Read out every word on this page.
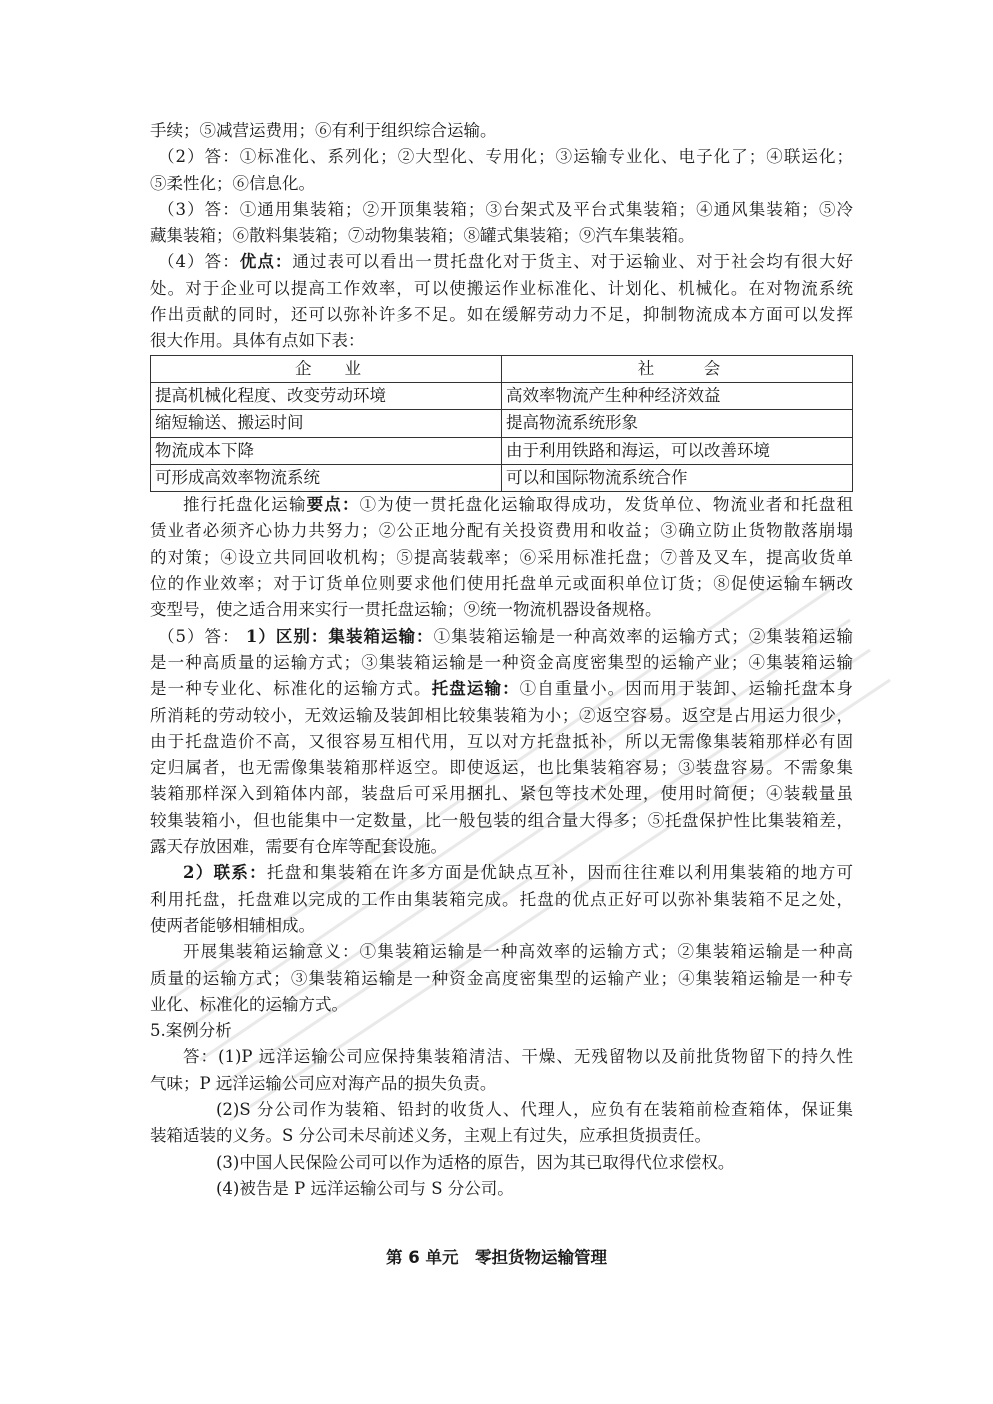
手续；⑤减营运费用；⑥有利于组织综合运输。
（2）答：①标准化、系列化；②大型化、专用化；③运输专业化、电子化了；④联运化；
⑤柔性化；⑥信息化。
（3）答：①通用集装箱；②开顶集装箱；③台架式及平台式集装箱；④通风集装箱；⑤冷
藏集装箱；⑥散料集装箱；⑦动物集装箱；⑧罐式集装箱；⑨汽车集装箱。
（4）答：优点：通过表可以看出一贯托盘化对于货主、对于运输业、对于社会均有很大好
处。对于企业可以提高工作效率，可以使搬运作业标准化、计划化、机械化。在对物流系统
作出贡献的同时，还可以弥补许多不足。如在缓解劳动力不足，抑制物流成本方面可以发挥
很大作用。具体有点如下表：
企　　业	社　　　会
提高机械化程度、改变劳动环境	高效率物流产生种种经济效益
缩短输送、搬运时间	提高物流系统形象
物流成本下降	由于利用铁路和海运，可以改善环境
可形成高效率物流系统	可以和国际物流系统合作
推行托盘化运输要点：①为使一贯托盘化运输取得成功，发货单位、物流业者和托盘租
赁业者必须齐心协力共努力；②公正地分配有关投资费用和收益；③确立防止货物散落崩塌
的对策；④设立共同回收机构；⑤提高装载率；⑥采用标准托盘；⑦普及叉车，提高收货单
位的作业效率；对于订货单位则要求他们使用托盘单元或面积单位订货；⑧促使运输车辆改
变型号，使之适合用来实行一贯托盘运输；⑨统一物流机器设备规格。
（5）答： 1）区别：集装箱运输：①集装箱运输是一种高效率的运输方式；②集装箱运输
是一种高质量的运输方式；③集装箱运输是一种资金高度密集型的运输产业；④集装箱运输
是一种专业化、标准化的运输方式。托盘运输：①自重量小。因而用于装卸、运输托盘本身
所消耗的劳动较小，无效运输及装卸相比较集装箱为小；②返空容易。返空是占用运力很少，
由于托盘造价不高，又很容易互相代用，互以对方托盘抵补，所以无需像集装箱那样必有固
定归属者，也无需像集装箱那样返空。即使返运，也比集装箱容易；③装盘容易。不需象集
装箱那样深入到箱体内部，装盘后可采用捆扎、紧包等技术处理，使用时简便；④装载量虽
较集装箱小，但也能集中一定数量，比一般包装的组合量大得多；⑤托盘保护性比集装箱差，
露天存放困难，需要有仓库等配套设施。
2）联系：托盘和集装箱在许多方面是优缺点互补，因而往往难以利用集装箱的地方可
利用托盘，托盘难以完成的工作由集装箱完成。托盘的优点正好可以弥补集装箱不足之处，
使两者能够相辅相成。
开展集装箱运输意义：①集装箱运输是一种高效率的运输方式；②集装箱运输是一种高
质量的运输方式；③集装箱运输是一种资金高度密集型的运输产业；④集装箱运输是一种专
业化、标准化的运输方式。
5.案例分析
答：(1)P 远洋运输公司应保持集装箱清洁、干燥、无残留物以及前批货物留下的持久性
气味；P 远洋运输公司应对海产品的损失负责。
(2)S 分公司作为装箱、铅封的收货人、代理人，应负有在装箱前检查箱体，保证集
装箱适装的义务。S 分公司未尽前述义务，主观上有过失，应承担货损责任。
(3)中国人民保险公司可以作为适格的原告，因为其已取得代位求偿权。
(4)被告是 P 远洋运输公司与 S 分公司。
第 6 单元　零担货物运输管理
